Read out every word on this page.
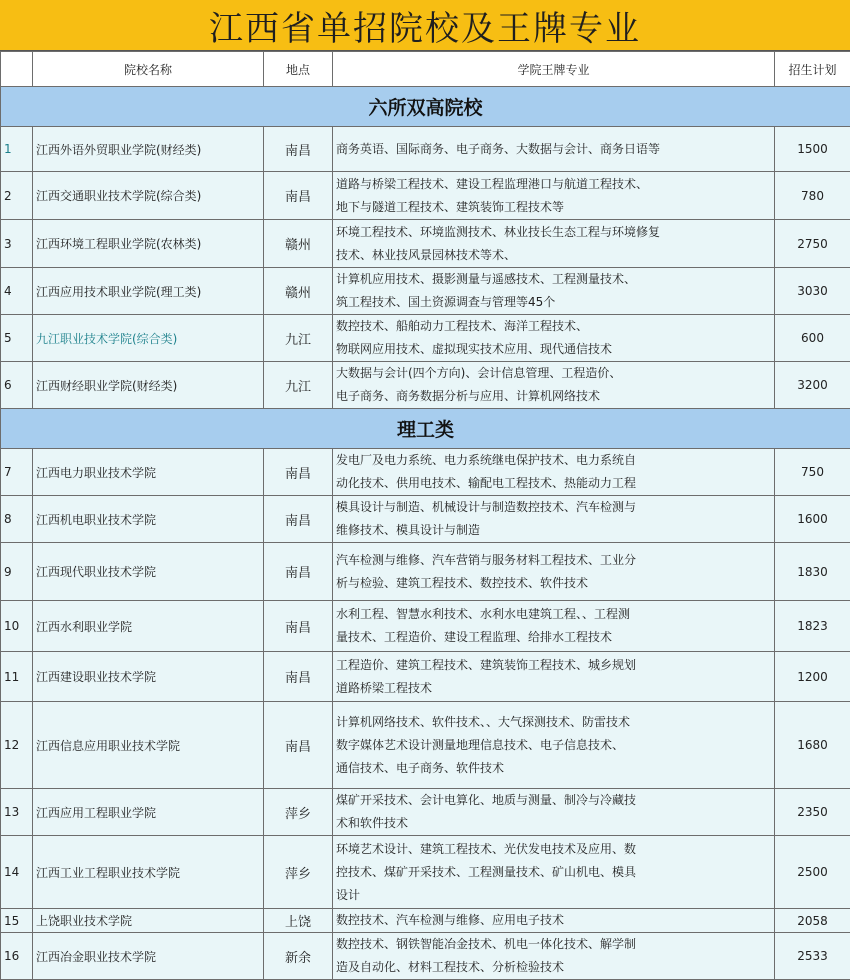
江西省单招院校及王牌专业
	院校名称	地点	学院王牌专业	招生计划
六所双高院校				
1	江西外语外贸职业学院(财经类)	南昌	商务英语、国际商务、电子商务、大数据与会计、商务日语等	1500
2	江西交通职业技术学院(综合类)	南昌	道路与桥梁工程技术、建设工程监理港口与航道工程技术、
地下与隧道工程技术、建筑装饰工程技术等	780
3	江西环境工程职业学院(农林类)	赣州	环境工程技术、环境监测技术、林业技长生态工程与环境修复
技术、林业技风景园林技术等术、	2750
4	江西应用技术职业学院(理工类)	赣州	计算机应用技术、摄影测量与遥感技术、工程测量技术、
筑工程技术、国土资源调查与管理等45个	3030
5	九江职业技术学院(综合类)	九江	数控技术、船舶动力工程技术、海洋工程技术、
物联网应用技术、虚拟现实技术应用、现代通信技术	600
6	江西财经职业学院(财经类)	九江	大数据与会计(四个方向)、会计信息管理、工程造价、
电子商务、商务数据分析与应用、计算机网络技术	3200
理工类				
7	江西电力职业技术学院	南昌	发电厂及电力系统、电力系统继电保护技术、电力系统自
动化技术、供用电技术、输配电工程技术、热能动力工程	750
8	江西机电职业技术学院	南昌	模具设计与制造、机械设计与制造数控技术、汽车检测与
维修技术、模具设计与制造	1600
9	江西现代职业技术学院	南昌	汽车检测与维修、汽车营销与服务材料工程技术、工业分
析与检验、建筑工程技术、数控技术、软件技术	1830
10	江西水利职业学院	南昌	水利工程、智慧水利技术、水利水电建筑工程、、工程测
量技术、工程造价、建设工程监理、给排水工程技术	1823
11	江西建设职业技术学院	南昌	工程造价、建筑工程技术、建筑装饰工程技术、城乡规划
道路桥梁工程技术	1200
12	江西信息应用职业技术学院	南昌	计算机网络技术、软件技术、、大气探测技术、防雷技术
数字媒体艺术设计测量地理信息技术、电子信息技术、
通信技术、电子商务、软件技术	1680
13	江西应用工程职业学院	萍乡	煤矿开采技术、会计电算化、地质与测量、制冷与冷藏技
术和软件技术	2350
14	江西工业工程职业技术学院	萍乡	环境艺术设计、建筑工程技术、光伏发电技术及应用、数
控技术、煤矿开采技术、工程测量技术、矿山机电、模具
设计	2500
15	上饶职业技术学院	上饶	数控技术、汽车检测与维修、应用电子技术	2058
16	江西冶金职业技术学院	新余	数控技术、钢铁智能冶金技术、机电一体化技术、解学制
造及自动化、材料工程技术、分析检验技术	2533
